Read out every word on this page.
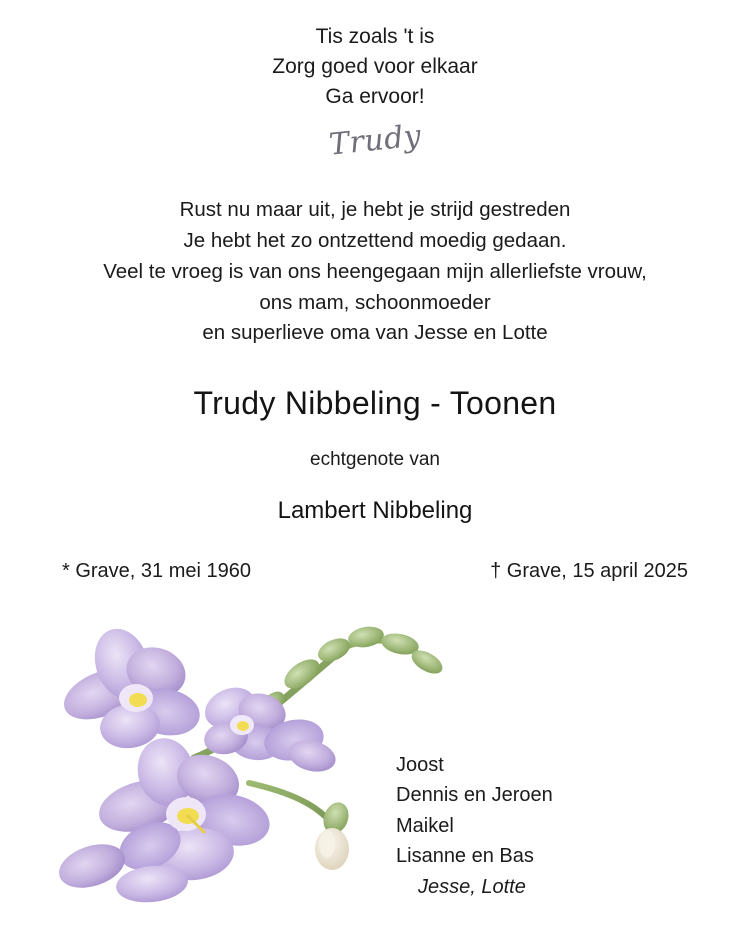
Tis zoals 't is
Zorg goed voor elkaar
Ga ervoor!
Trudy
Rust nu maar uit, je hebt je strijd gestreden
Je hebt het zo ontzettend moedig gedaan.
Veel te vroeg is van ons heengegaan mijn allerliefste vrouw,
ons mam, schoonmoeder
en superlieve oma van Jesse en Lotte
Trudy Nibbeling - Toonen
echtgenote van
Lambert Nibbeling
* Grave, 31 mei 1960	† Grave, 15 april 2025
Joost
Dennis en Jeroen
Maikel
Lisanne en Bas
Jesse, Lotte
